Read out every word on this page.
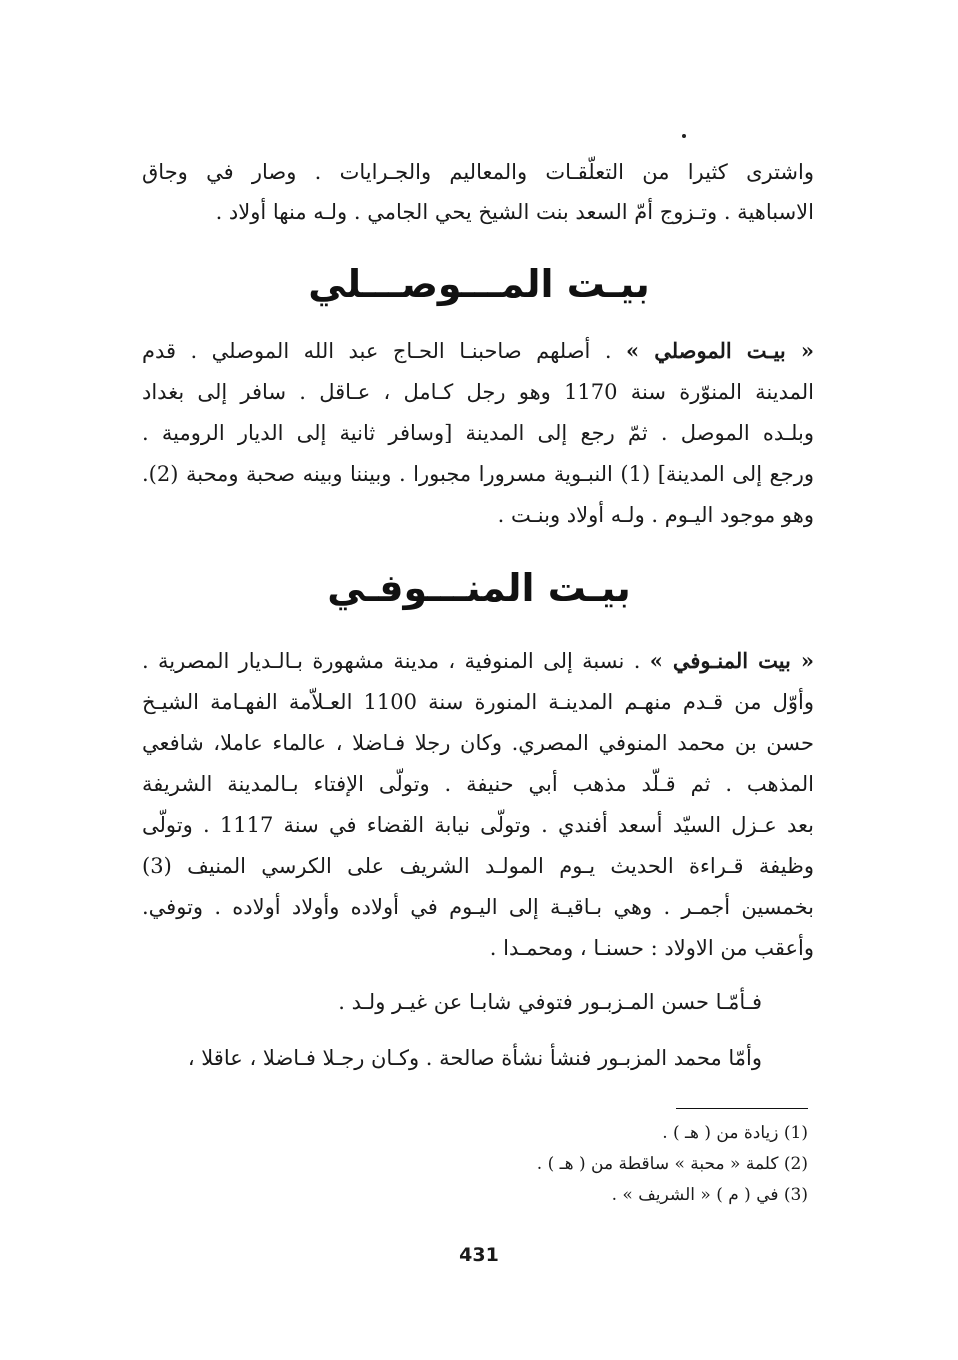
واشترى كثيرا من التعلّقـات والمعاليم والجـرايات . وصار في وجاق
الاسباهية . وتـزوج أمّ السعد بنت الشيخ يحي الجامي . ولـه منها أولاد .
بيـت المـــوصـــلي
« بيـت الموصلي » . أصلهم صاحبنـا الحـاج عبد الله الموصلي . قدم
المدينة المنوّرة سنة 1170 وهو رجل كـامل ، عـاقل . سافر إلى بغداد
وبلـده الموصل . ثمّ رجع إلى المدينة [وسافر ثانية إلى الديار الرومية .
ورجع إلى المدينة] (1) النبـوية مسرورا مجبورا . وبيننا وبينه صحبة ومحبة (2).
وهو موجود اليـوم . ولـه أولاد وبنـت .
بيـت المنـــوفـي
« بيت المنـوفي » . نسبة إلى المنوفية ، مدينة مشهورة بـالـديار المصرية .
وأوّل من قـدم منهـم المدينـة المنورة سنة 1100 العـلاّمة الفهـامة الشيـخ
حسن بن محمد المنوفي المصري. وكان رجلا فـاضلا ، عالماء عاملا، شافعي
المذهب . ثم قـلّد مذهب أبي حنيفة . وتولّى الإفتاء بـالمدينة الشريفة
بعد عـزل السيّد أسعد أفندي . وتولّى نيابة القضاء في سنة 1117 . وتولّى
وظيفة قـراءة الحديث يـوم المولـد الشريف على الكرسي المنيف (3)
بخمسين أجمـر . وهي بـاقيـة إلى اليـوم في أولاده وأولاد أولاده . وتوفي.
وأعقب من الاولاد : حسنـا ، ومحمـدا .

فـأمّـا حسن المـزبـور فتوفي شابـا عن غيـر ولـد .

وأمّا محمد المزبـور فنشأ نشأة صالحة . وكـان رجـلا فـاضلا ، عاقلا ،

(1) زيادة من ( هـ ) .
(2) كلمة « محبة » ساقطة من ( هـ ) .
(3) في ( م ) « الشريف » .

431
